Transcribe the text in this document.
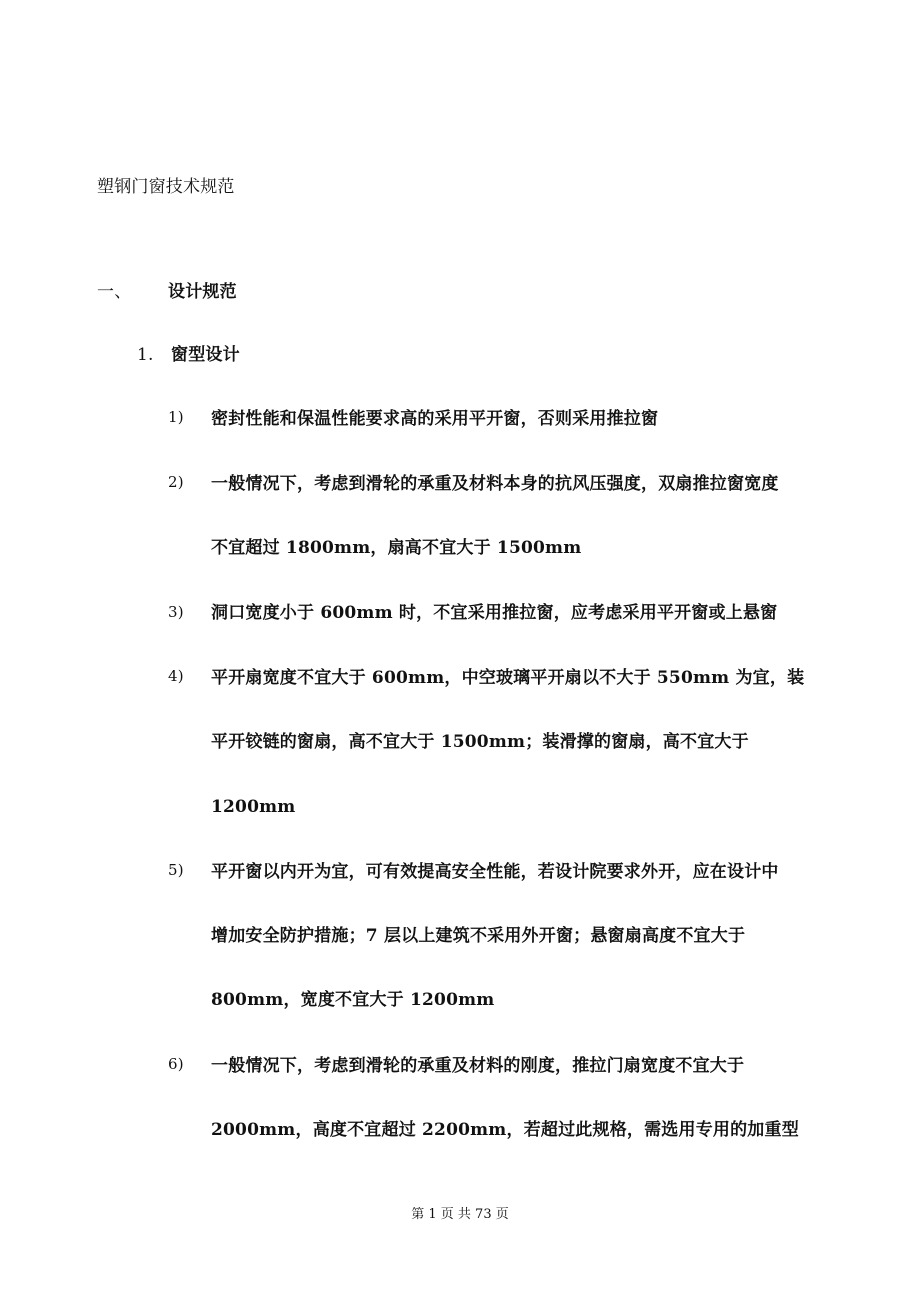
塑钢门窗技术规范
一、 设计规范
1. 窗型设计
1) 密封性能和保温性能要求高的采用平开窗，否则采用推拉窗
2) 一般情况下，考虑到滑轮的承重及材料本身的抗风压强度，双扇推拉窗宽度
不宜超过 1800mm，扇高不宜大于 1500mm
3) 洞口宽度小于 600mm 时，不宜采用推拉窗，应考虑采用平开窗或上悬窗
4) 平开扇宽度不宜大于 600mm，中空玻璃平开扇以不大于 550mm 为宜，装
平开铰链的窗扇，高不宜大于 1500mm；装滑撑的窗扇，高不宜大于
1200mm
5) 平开窗以内开为宜，可有效提高安全性能，若设计院要求外开，应在设计中
增加安全防护措施；7 层以上建筑不采用外开窗；悬窗扇高度不宜大于
800mm，宽度不宜大于 1200mm
6) 一般情况下，考虑到滑轮的承重及材料的刚度，推拉门扇宽度不宜大于
2000mm，高度不宜超过 2200mm，若超过此规格，需选用专用的加重型
第 1 页 共 73 页
